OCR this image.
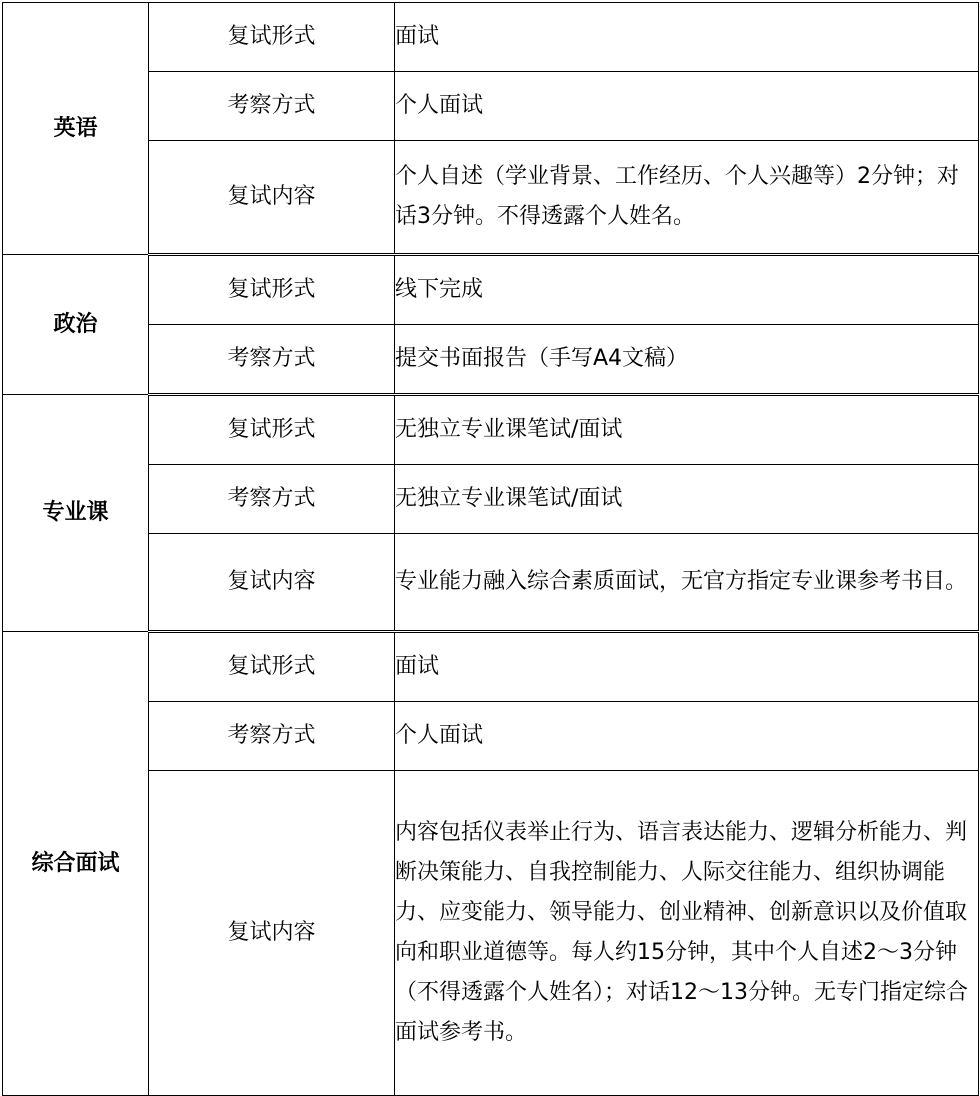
英语	复试形式	面试
	考察方式	个人面试
	复试内容	个人自述（学业背景、工作经历、个人兴趣等）2分钟；对话3分钟。不得透露个人姓名。
政治	复试形式	线下完成
	考察方式	提交书面报告（手写A4文稿）
专业课	复试形式	无独立专业课笔试/面试
	考察方式	无独立专业课笔试/面试
	复试内容	专业能力融入综合素质面试，无官方指定专业课参考书目。
综合面试	复试形式	面试
	考察方式	个人面试
	复试内容	内容包括仪表举止行为、语言表达能力、逻辑分析能力、判断决策能力、自我控制能力、人际交往能力、组织协调能力、应变能力、领导能力、创业精神、创新意识以及价值取向和职业道德等。每人约15分钟，其中个人自述2～3分钟（不得透露个人姓名）；对话12～13分钟。无专门指定综合面试参考书。
